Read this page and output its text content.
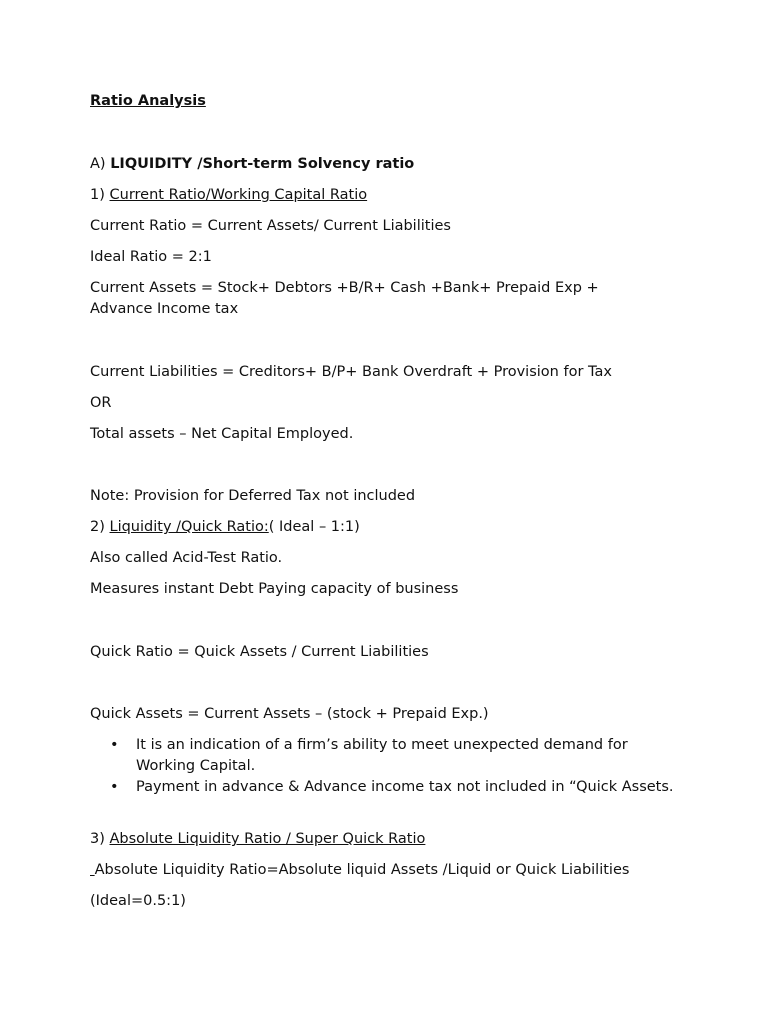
Ratio Analysis
A) LIQUIDITY /Short-term Solvency ratio
1) Current Ratio/Working Capital Ratio
Current Ratio = Current Assets/ Current Liabilities
Ideal Ratio = 2:1
Current Assets = Stock+ Debtors +B/R+ Cash +Bank+ Prepaid Exp +
Advance Income tax
Current Liabilities = Creditors+ B/P+ Bank Overdraft + Provision for Tax
OR
Total assets – Net Capital Employed.
Note: Provision for Deferred Tax not included
2) Liquidity /Quick Ratio:( Ideal – 1:1)
Also called Acid-Test Ratio.
Measures instant Debt Paying capacity of business
Quick Ratio = Quick Assets / Current Liabilities
Quick Assets = Current Assets – (stock + Prepaid Exp.)
• It is an indication of a firm’s ability to meet unexpected demand for Working Capital.
• Payment in advance & Advance income tax not included in “Quick Assets.
3) Absolute Liquidity Ratio / Super Quick Ratio
Absolute Liquidity Ratio=Absolute liquid Assets /Liquid or Quick Liabilities
(Ideal=0.5:1)
